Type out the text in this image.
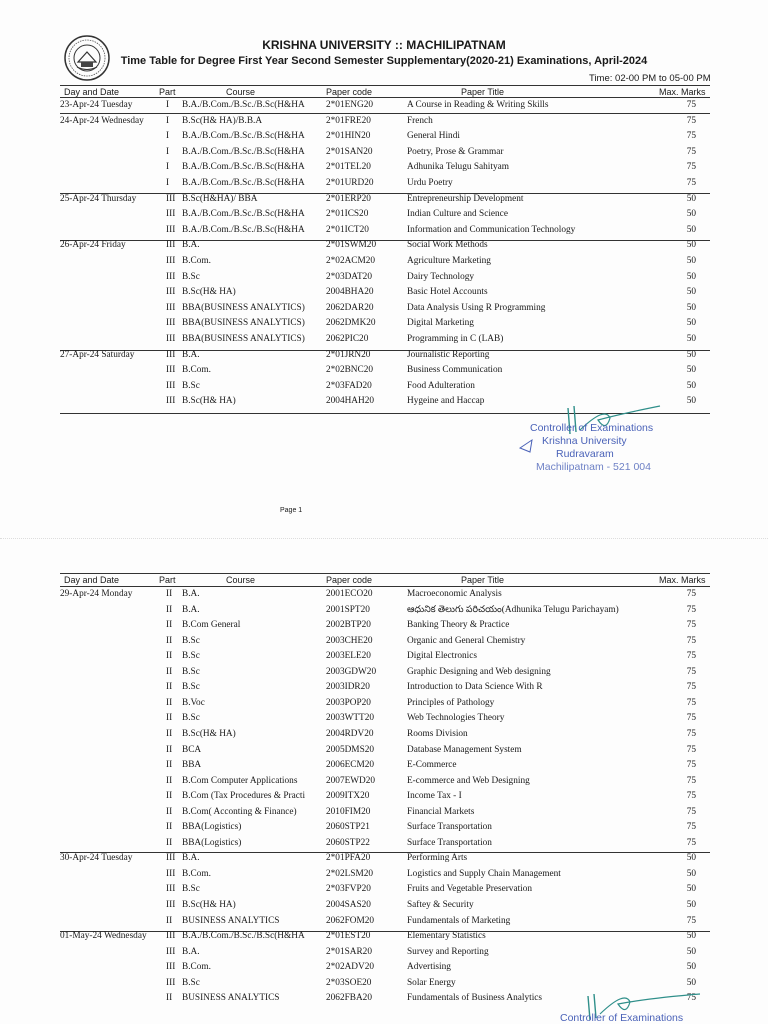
KRISHNA UNIVERSITY :: MACHILIPATNAM
Time Table for Degree First Year Second Semester Supplementary(2020-21) Examinations, April-2024
Time: 02-00 PM to 05-00 PM
Day and Date	Part	Course	Paper code	Paper Title	Max. Marks
23-Apr-24 Tuesday	I	B.A./B.Com./B.Sc./B.Sc(H&HA	2*01ENG20	A Course in Reading & Writing Skills	75
24-Apr-24 Wednesday	I	B.Sc(H& HA)/B.B.A	2*01FRE20	French	75
I	B.A./B.Com./B.Sc./B.Sc(H&HA	2*01HIN20	General Hindi	75
I	B.A./B.Com./B.Sc./B.Sc(H&HA	2*01SAN20	Poetry, Prose & Grammar	75
I	B.A./B.Com./B.Sc./B.Sc(H&HA	2*01TEL20	Adhunika Telugu Sahityam	75
I	B.A./B.Com./B.Sc./B.Sc(H&HA	2*01URD20	Urdu Poetry	75
25-Apr-24 Thursday	III B.Sc(H&HA)/ BBA	2*01ERP20	Entrepreneurship Development	50
III B.A./B.Com./B.Sc./B.Sc(H&HA	2*01ICS20	Indian Culture and Science	50
III B.A./B.Com./B.Sc./B.Sc(H&HA	2*01ICT20	Information and Communication Technology	50
26-Apr-24 Friday	III B.A.	2*01SWM20	Social Work Methods	50
III B.Com.	2*02ACM20	Agriculture Marketing	50
III B.Sc	2*03DAT20	Dairy Technology	50
III B.Sc(H& HA)	2004BHA20	Basic Hotel Accounts	50
III BBA(BUSINESS ANALYTICS)	2062DAR20	Data Analysis Using R Programming	50
III BBA(BUSINESS ANALYTICS)	2062DMK20	Digital Marketing	50
III BBA(BUSINESS ANALYTICS)	2062PIC20	Programming in C (LAB)	50
27-Apr-24 Saturday	III B.A.	2*01JRN20	Journalistic Reporting	50
III B.Com.	2*02BNC20	Business Communication	50
III B.Sc	2*03FAD20	Food Adulteration	50
III B.Sc(H& HA)	2004HAH20	Hygeine and Haccap	50
Controller of Examinations
Krishna University
Rudravaram
Machilipatnam - 521 004
Page 1
Day and Date	Part	Course	Paper code	Paper Title	Max. Marks
29-Apr-24 Monday	II	B.A.	2001ECO20	Macroeconomic Analysis	75
II	B.A.	2001SPT20	ఆధునిక తెలుగు పరిచయం(Adhunika Telugu Parichayam)	75
II	B.Com General	2002BTP20	Banking Theory & Practice	75
II	B.Sc	2003CHE20	Organic and General Chemistry	75
II	B.Sc	2003ELE20	Digital Electronics	75
II	B.Sc	2003GDW20	Graphic Designing and Web designing	75
II	B.Sc	2003IDR20	Introduction to Data Science With R	75
II	B.Voc	2003POP20	Principles of Pathology	75
II	B.Sc	2003WTT20	Web Technologies Theory	75
II	B.Sc(H& HA)	2004RDV20	Rooms Division	75
II	BCA	2005DMS20	Database Management System	75
II	BBA	2006ECM20	E-Commerce	75
II	B.Com Computer Applications	2007EWD20	E-commerce and Web Designing	75
II	B.Com (Tax Procedures & Practi	2009ITX20	Income Tax - I	75
II	B.Com( Acconting & Finance)	2010FIM20	Financial Markets	75
II	BBA(Logistics)	2060STP21	Surface Transportation	75
II	BBA(Logistics)	2060STP22	Surface Transportation	75
30-Apr-24 Tuesday	III B.A.	2*01PFA20	Performing Arts	50
III B.Com.	2*02LSM20	Logistics and Supply Chain Management	50
III B.Sc	2*03FVP20	Fruits and Vegetable Preservation	50
III B.Sc(H& HA)	2004SAS20	Saftey & Security	50
II	BUSINESS ANALYTICS	2062FOM20	Fundamentals of Marketing	75
01-May-24 Wednesday	III B.A./B.Com./B.Sc./B.Sc(H&HA	2*01EST20	Elementary Statistics	50
III B.A.	2*01SAR20	Survey and Reporting	50
III B.Com.	2*02ADV20	Advertising	50
III B.Sc	2*03SOE20	Solar Energy	50
II	BUSINESS ANALYTICS	2062FBA20	Fundamentals of Business Analytics	75
Controller of Examinations
